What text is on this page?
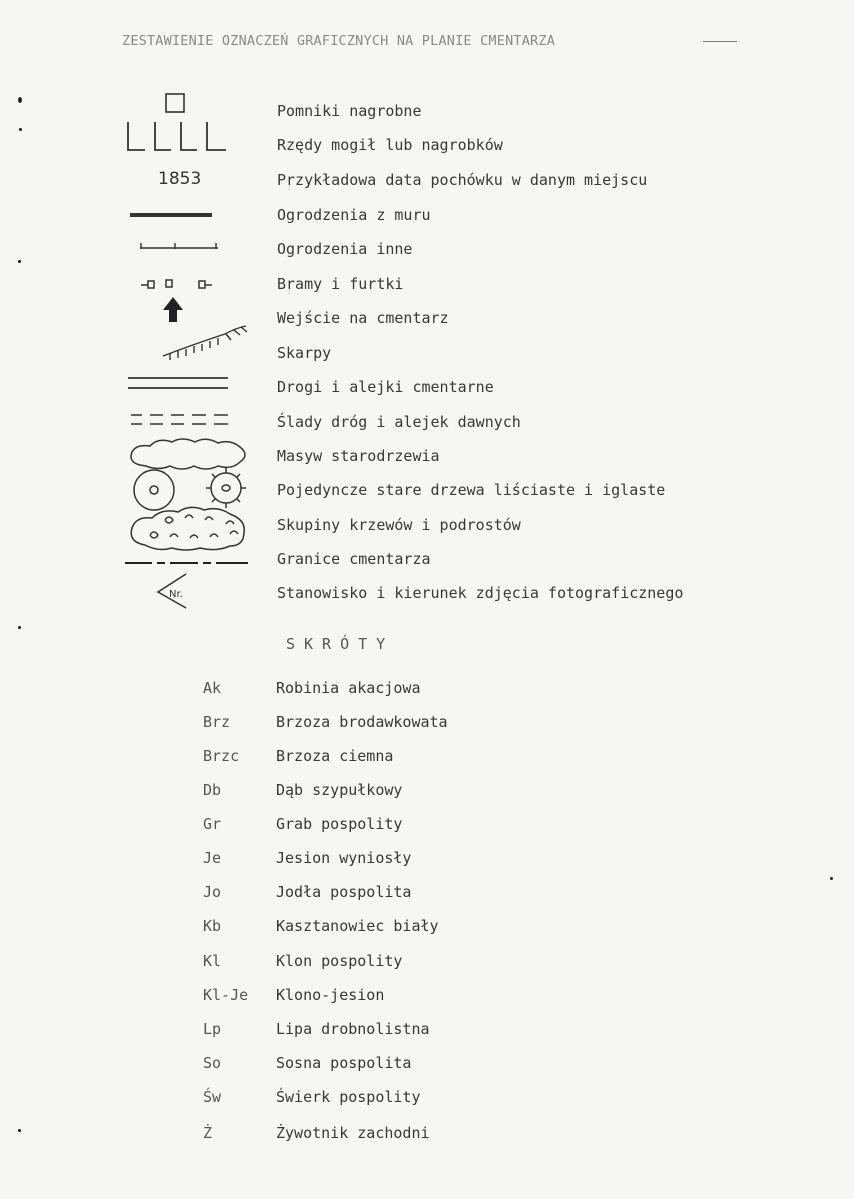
ZESTAWIENIE OZNACZEŃ GRAFICZNYCH NA PLANIE CMENTARZA
1853
Nr.
Pomniki nagrobne
Rzędy mogił lub nagrobków
Przykładowa data pochówku w danym miejscu
Ogrodzenia z muru
Ogrodzenia inne
Bramy i furtki
Wejście na cmentarz
Skarpy
Drogi i alejki cmentarne
Ślady dróg i alejek dawnych
Masyw starodrzewia
Pojedyncze stare drzewa liściaste i iglaste
Skupiny krzewów i podrostów
Granice cmentarza
Stanowisko i kierunek zdjęcia fotograficznego
SKRÓTY
Ak	Robinia akacjowa
Brz	Brzoza brodawkowata
Brzc Brzoza ciemna
Db	Dąb szypułkowy
Gr	Grab pospolity
Je	Jesion wyniosły
Jo	Jodła pospolita
Kb	Kasztanowiec biały
Kl	Klon pospolity
Kl-Je Klono-jesion
Lp	Lipa drobnolistna
So	Sosna pospolita
Św	Świerk pospolity
Ż	Żywotnik zachodni
